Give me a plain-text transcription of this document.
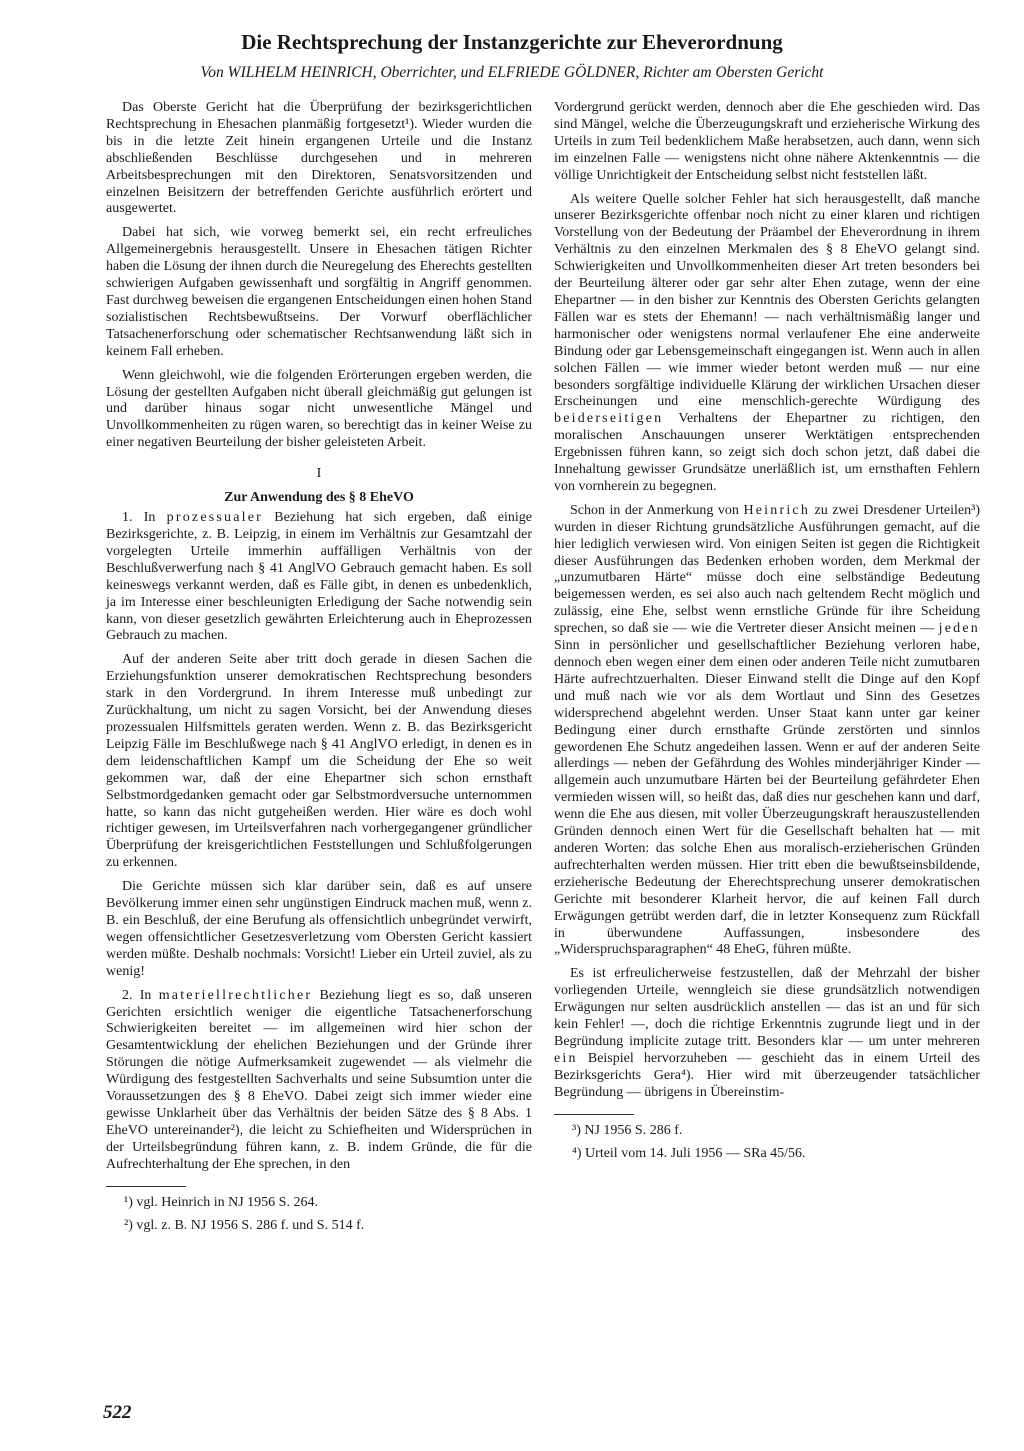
Die Rechtsprechung der Instanzgerichte zur Eheverordnung

Von WILHELM HEINRICH, Oberrichter, und ELFRIEDE GÖLDNER, Richter am Obersten Gericht

Das Oberste Gericht hat die Überprüfung der bezirksgerichtlichen Rechtsprechung in Ehesachen planmäßig fortgesetzt¹). Wieder wurden die bis in die letzte Zeit hinein ergangenen Urteile und die Instanz abschließenden Beschlüsse durchgesehen und in mehreren Arbeitsbesprechungen mit den Direktoren, Senatsvorsitzenden und einzelnen Beisitzern der betreffenden Gerichte ausführlich erörtert und ausgewertet.

Dabei hat sich, wie vorweg bemerkt sei, ein recht erfreuliches Allgemeinergebnis herausgestellt. Unsere in Ehesachen tätigen Richter haben die Lösung der ihnen durch die Neuregelung des Eherechts gestellten schwierigen Aufgaben gewissenhaft und sorgfältig in Angriff genommen. Fast durchweg beweisen die ergangenen Entscheidungen einen hohen Stand sozialistischen Rechtsbewußtseins. Der Vorwurf oberflächlicher Tatsachenerforschung oder schematischer Rechtsanwendung läßt sich in keinem Fall erheben.

Wenn gleichwohl, wie die folgenden Erörterungen ergeben werden, die Lösung der gestellten Aufgaben nicht überall gleichmäßig gut gelungen ist und darüber hinaus sogar nicht unwesentliche Mängel und Unvollkommenheiten zu rügen waren, so berechtigt das in keiner Weise zu einer negativen Beurteilung der bisher geleisteten Arbeit.

I
Zur Anwendung des § 8 EheVO

1. In prozessualer Beziehung hat sich ergeben, daß einige Bezirksgerichte, z. B. Leipzig, in einem im Verhältnis zur Gesamtzahl der vorgelegten Urteile immerhin auffälligen Verhältnis von der Beschlußverwerfung nach § 41 AnglVO Gebrauch gemacht haben. Es soll keineswegs verkannt werden, daß es Fälle gibt, in denen es unbedenklich, ja im Interesse einer beschleunigten Erledigung der Sache notwendig sein kann, von dieser gesetzlich gewährten Erleichterung auch in Eheprozessen Gebrauch zu machen.

Auf der anderen Seite aber tritt doch gerade in diesen Sachen die Erziehungsfunktion unserer demokratischen Rechtsprechung besonders stark in den Vordergrund. In ihrem Interesse muß unbedingt zur Zurückhaltung, um nicht zu sagen Vorsicht, bei der Anwendung dieses prozessualen Hilfsmittels geraten werden. Wenn z. B. das Bezirksgericht Leipzig Fälle im Beschlußwege nach § 41 AnglVO erledigt, in denen es in dem leidenschaftlichen Kampf um die Scheidung der Ehe so weit gekommen war, daß der eine Ehepartner sich schon ernsthaft Selbstmordgedanken gemacht oder gar Selbstmordversuche unternommen hatte, so kann das nicht gutgeheißen werden. Hier wäre es doch wohl richtiger gewesen, im Urteilsverfahren nach vorhergegangener gründlicher Überprüfung der kreisgerichtlichen Feststellungen und Schlußfolgerungen zu erkennen.

Die Gerichte müssen sich klar darüber sein, daß es auf unsere Bevölkerung immer einen sehr ungünstigen Eindruck machen muß, wenn z. B. ein Beschluß, der eine Berufung als offensichtlich unbegründet verwirft, wegen offensichtlicher Gesetzesverletzung vom Obersten Gericht kassiert werden müßte. Deshalb nochmals: Vorsicht! Lieber ein Urteil zuviel, als zu wenig!

2. In materiellrechtlicher Beziehung liegt es so, daß unseren Gerichten ersichtlich weniger die eigentliche Tatsachenerforschung Schwierigkeiten bereitet — im allgemeinen wird hier schon der Gesamtentwicklung der ehelichen Beziehungen und der Gründe ihrer Störungen die nötige Aufmerksamkeit zugewendet — als vielmehr die Würdigung des festgestellten Sachverhalts und seine Subsumtion unter die Voraussetzungen des § 8 EheVO. Dabei zeigt sich immer wieder eine gewisse Unklarheit über das Verhältnis der beiden Sätze des § 8 Abs. 1 EheVO untereinander²), die leicht zu Schiefheiten und Widersprüchen in der Urteilsbegründung führen kann, z. B. indem Gründe, die für die Aufrechterhaltung der Ehe sprechen, in den

¹) vgl. Heinrich in NJ 1956 S. 264.

²) vgl. z. B. NJ 1956 S. 286 f. und S. 514 f.

Vordergrund gerückt werden, dennoch aber die Ehe geschieden wird. Das sind Mängel, welche die Überzeugungskraft und erzieherische Wirkung des Urteils in zum Teil bedenklichem Maße herabsetzen, auch dann, wenn sich im einzelnen Falle — wenigstens nicht ohne nähere Aktenkenntnis — die völlige Unrichtigkeit der Entscheidung selbst nicht feststellen läßt.

Als weitere Quelle solcher Fehler hat sich herausgestellt, daß manche unserer Bezirksgerichte offenbar noch nicht zu einer klaren und richtigen Vorstellung von der Bedeutung der Präambel der Eheverordnung in ihrem Verhältnis zu den einzelnen Merkmalen des § 8 EheVO gelangt sind. Schwierigkeiten und Unvollkommenheiten dieser Art treten besonders bei der Beurteilung älterer oder gar sehr alter Ehen zutage, wenn der eine Ehepartner — in den bisher zur Kenntnis des Obersten Gerichts gelangten Fällen war es stets der Ehemann! — nach verhältnismäßig langer und harmonischer oder wenigstens normal verlaufener Ehe eine anderweite Bindung oder gar Lebensgemeinschaft eingegangen ist. Wenn auch in allen solchen Fällen — wie immer wieder betont werden muß — nur eine besonders sorgfältige individuelle Klärung der wirklichen Ursachen dieser Erscheinungen und eine menschlich-gerechte Würdigung des beiderseitigen Verhaltens der Ehepartner zu richtigen, den moralischen Anschauungen unserer Werktätigen entsprechenden Ergebnissen führen kann, so zeigt sich doch schon jetzt, daß dabei die Innehaltung gewisser Grundsätze unerläßlich ist, um ernsthaften Fehlern von vornherein zu begegnen.

Schon in der Anmerkung von Heinrich zu zwei Dresdener Urteilen³) wurden in dieser Richtung grundsätzliche Ausführungen gemacht, auf die hier lediglich verwiesen wird. Von einigen Seiten ist gegen die Richtigkeit dieser Ausführungen das Bedenken erhoben worden, dem Merkmal der „unzumutbaren Härte“ müsse doch eine selbständige Bedeutung beigemessen werden, es sei also auch nach geltendem Recht möglich und zulässig, eine Ehe, selbst wenn ernstliche Gründe für ihre Scheidung sprechen, so daß sie — wie die Vertreter dieser Ansicht meinen — jeden Sinn in persönlicher und gesellschaftlicher Beziehung verloren habe, dennoch eben wegen einer dem einen oder anderen Teile nicht zumutbaren Härte aufrechtzuerhalten. Dieser Einwand stellt die Dinge auf den Kopf und muß nach wie vor als dem Wortlaut und Sinn des Gesetzes widersprechend abgelehnt werden. Unser Staat kann unter gar keiner Bedingung einer durch ernsthafte Gründe zerstörten und sinnlos gewordenen Ehe Schutz angedeihen lassen. Wenn er auf der anderen Seite allerdings — neben der Gefährdung des Wohles minderjähriger Kinder — allgemein auch unzumutbare Härten bei der Beurteilung gefährdeter Ehen vermieden wissen will, so heißt das, daß dies nur geschehen kann und darf, wenn die Ehe aus diesen, mit voller Überzeugungskraft herauszustellenden Gründen dennoch einen Wert für die Gesellschaft behalten hat — mit anderen Worten: das solche Ehen aus moralisch-erzieherischen Gründen aufrechterhalten werden müssen. Hier tritt eben die bewußtseinsbildende, erzieherische Bedeutung der Eherechtsprechung unserer demokratischen Gerichte mit besonderer Klarheit hervor, die auf keinen Fall durch Erwägungen getrübt werden darf, die in letzter Konsequenz zum Rückfall in überwundene Auffassungen, insbesondere des „Widerspruchsparagraphen“ 48 EheG, führen müßte.

Es ist erfreulicherweise festzustellen, daß der Mehrzahl der bisher vorliegenden Urteile, wenngleich sie diese grundsätzlich notwendigen Erwägungen nur selten ausdrücklich anstellen — das ist an und für sich kein Fehler! —, doch die richtige Erkenntnis zugrunde liegt und in der Begründung implicite zutage tritt. Besonders klar — um unter mehreren ein Beispiel hervorzuheben — geschieht das in einem Urteil des Bezirksgerichts Gera⁴). Hier wird mit überzeugender tatsächlicher Begründung — übrigens in Übereinstim-

³) NJ 1956 S. 286 f.

⁴) Urteil vom 14. Juli 1956 — SRa 45/56.

522
